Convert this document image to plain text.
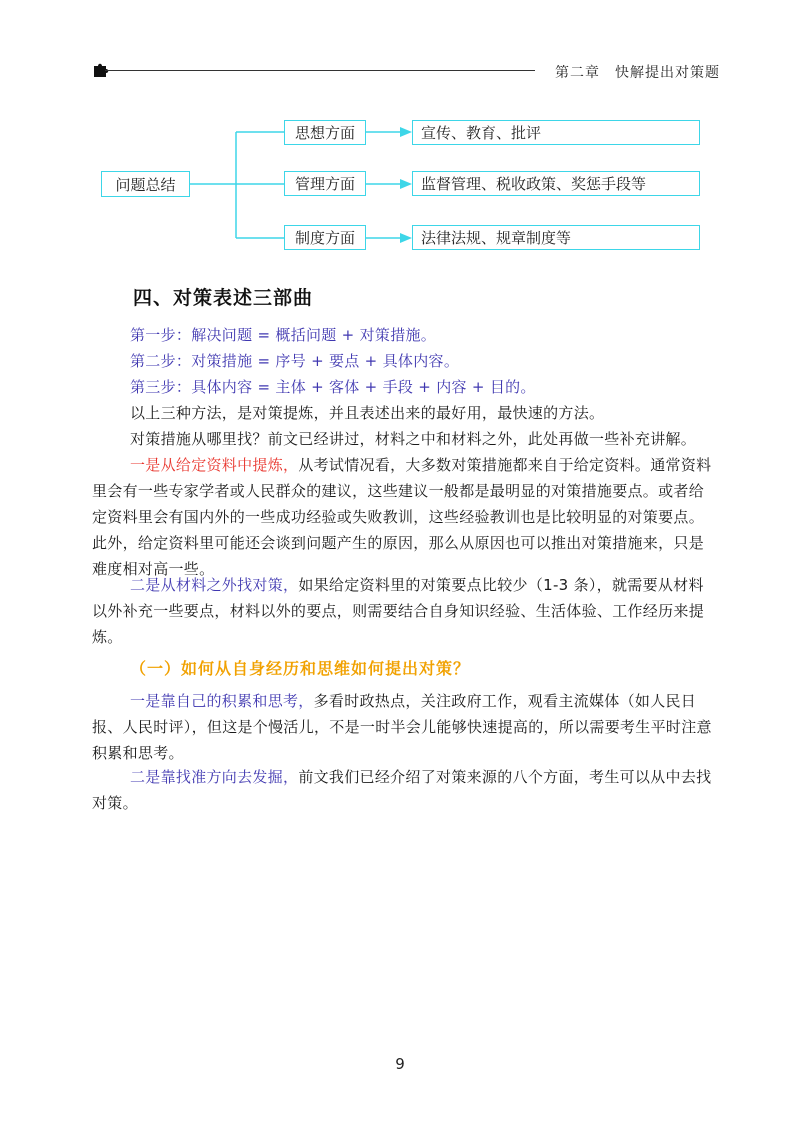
第二章　快解提出对策题
问题总结
思想方面
管理方面
制度方面
宣传、教育、批评
监督管理、税收政策、奖惩手段等
法律法规、规章制度等
四、对策表述三部曲
第一步：解决问题 = 概括问题 + 对策措施。
第二步：对策措施 = 序号 + 要点 + 具体内容。
第三步：具体内容 = 主体 + 客体 + 手段 + 内容 + 目的。
以上三种方法，是对策提炼，并且表述出来的最好用，最快速的方法。
对策措施从哪里找？前文已经讲过，材料之中和材料之外，此处再做一些补充讲解。
一是从给定资料中提炼，从考试情况看，大多数对策措施都来自于给定资料。通常资料里会有一些专家学者或人民群众的建议，这些建议一般都是最明显的对策措施要点。或者给定资料里会有国内外的一些成功经验或失败教训，这些经验教训也是比较明显的对策要点。此外，给定资料里可能还会谈到问题产生的原因，那么从原因也可以推出对策措施来，只是难度相对高一些。
二是从材料之外找对策，如果给定资料里的对策要点比较少（1-3 条），就需要从材料以外补充一些要点，材料以外的要点，则需要结合自身知识经验、生活体验、工作经历来提炼。
（一）如何从自身经历和思维如何提出对策？
一是靠自己的积累和思考，多看时政热点，关注政府工作，观看主流媒体（如人民日报、人民时评），但这是个慢活儿，不是一时半会儿能够快速提高的，所以需要考生平时注意积累和思考。
二是靠找准方向去发掘，前文我们已经介绍了对策来源的八个方面，考生可以从中去找对策。
9
